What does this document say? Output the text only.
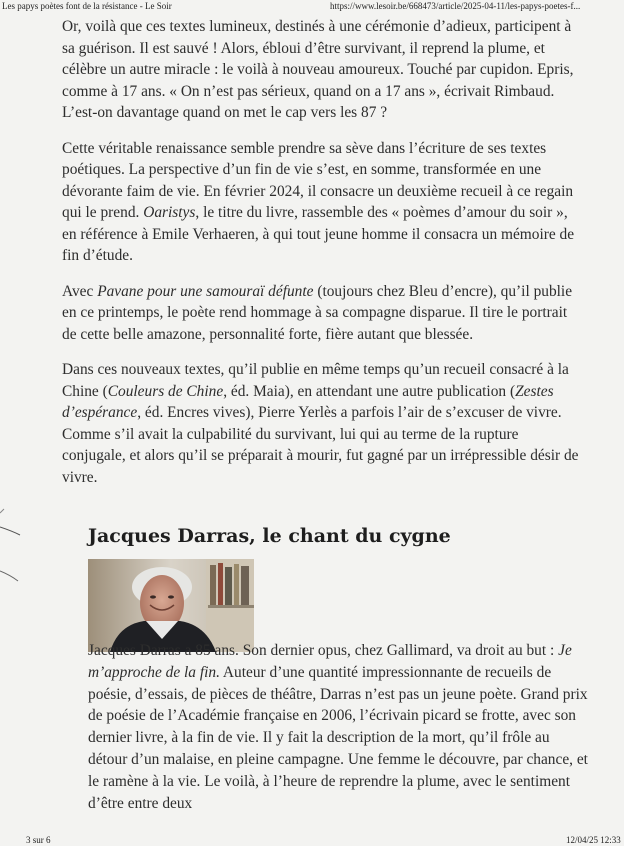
Les papys poètes font de la résistance - Le Soir	https://www.lesoir.be/668473/article/2025-04-11/les-papys-poetes-f...

Or, voilà que ces textes lumineux, destinés à une cérémonie d’adieux, participent à sa guérison. Il est sauvé ! Alors, ébloui d’être survivant, il reprend la plume, et célèbre un autre miracle : le voilà à nouveau amoureux. Touché par cupidon. Epris, comme à 17 ans. « On n’est pas sérieux, quand on a 17 ans », écrivait Rimbaud. L’est-on davantage quand on met le cap vers les 87 ?

Cette véritable renaissance semble prendre sa sève dans l’écriture de ses textes poétiques. La perspective d’un fin de vie s’est, en somme, transformée en une dévorante faim de vie. En février 2024, il consacre un deuxième recueil à ce regain qui le prend. Oaristys, le titre du livre, rassemble des « poèmes d’amour du soir », en référence à Emile Verhaeren, à qui tout jeune homme il consacra un mémoire de fin d’étude.

Avec Pavane pour une samouraï défunte (toujours chez Bleu d’encre), qu’il publie en ce printemps, le poète rend hommage à sa compagne disparue. Il tire le portrait de cette belle amazone, personnalité forte, fière autant que blessée.

Dans ces nouveaux textes, qu’il publie en même temps qu’un recueil consacré à la Chine (Couleurs de Chine, éd. Maia), en attendant une autre publication (Zestes d’espérance, éd. Encres vives), Pierre Yerlès a parfois l’air de s’excuser de vivre. Comme s’il avait la culpabilité du survivant, lui qui au terme de la rupture conjugale, et alors qu’il se préparait à mourir, fut gagné par un irrépressible désir de vivre.

Jacques Darras, le chant du cygne
Jacques Darras a 85 ans. Son dernier opus, chez Gallimard, va droit au but : Je m’approche de la fin. Auteur d’une quantité impressionnante de recueils de poésie, d’essais, de pièces de théâtre, Darras n’est pas un jeune poète. Grand prix de poésie de l’Académie française en 2006, l’écrivain picard se frotte, avec son dernier livre, à la fin de vie. Il y fait la description de la mort, qu’il frôle au détour d’un malaise, en pleine campagne. Une femme le découvre, par chance, et le ramène à la vie. Le voilà, à l’heure de reprendre la plume, avec le sentiment d’être entre deux
3 sur 6	12/04/25 12:33
